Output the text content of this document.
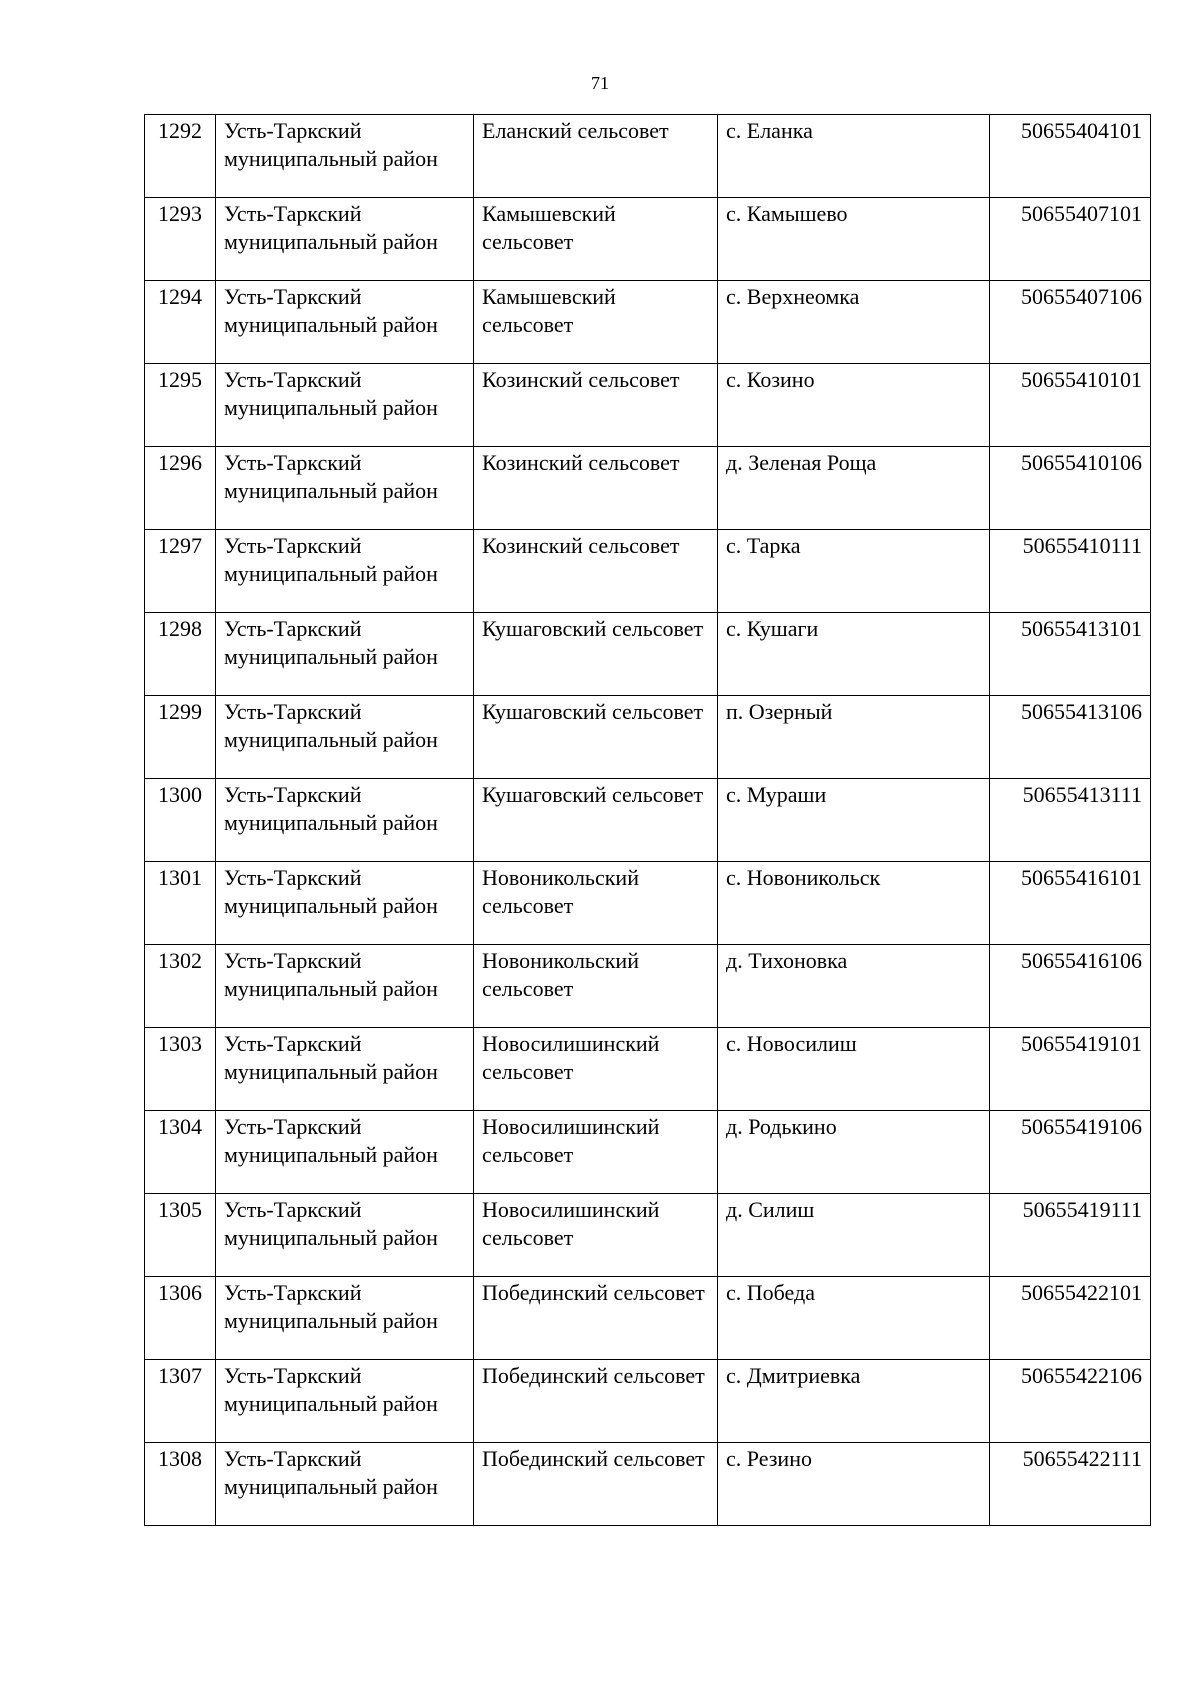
71
1292	Усть-Таркский муниципальный район	Еланский сельсовет	с. Еланка	50655404101
1293	Усть-Таркский муниципальный район	Камышевский сельсовет	с. Камышево	50655407101
1294	Усть-Таркский муниципальный район	Камышевский сельсовет	с. Верхнеомка	50655407106
1295	Усть-Таркский муниципальный район	Козинский сельсовет	с. Козино	50655410101
1296	Усть-Таркский муниципальный район	Козинский сельсовет	д. Зеленая Роща	50655410106
1297	Усть-Таркский муниципальный район	Козинский сельсовет	с. Тарка	50655410111
1298	Усть-Таркский муниципальный район	Кушаговский сельсовет	с. Кушаги	50655413101
1299	Усть-Таркский муниципальный район	Кушаговский сельсовет	п. Озерный	50655413106
1300	Усть-Таркский муниципальный район	Кушаговский сельсовет	с. Мураши	50655413111
1301	Усть-Таркский муниципальный район	Новоникольский сельсовет	с. Новоникольск	50655416101
1302	Усть-Таркский муниципальный район	Новоникольский сельсовет	д. Тихоновка	50655416106
1303	Усть-Таркский муниципальный район	Новосилишинский сельсовет	с. Новосилиш	50655419101
1304	Усть-Таркский муниципальный район	Новосилишинский сельсовет	д. Родькино	50655419106
1305	Усть-Таркский муниципальный район	Новосилишинский сельсовет	д. Силиш	50655419111
1306	Усть-Таркский муниципальный район	Побединский сельсовет	с. Победа	50655422101
1307	Усть-Таркский муниципальный район	Побединский сельсовет	с. Дмитриевка	50655422106
1308	Усть-Таркский муниципальный район	Побединский сельсовет	с. Резино	50655422111
